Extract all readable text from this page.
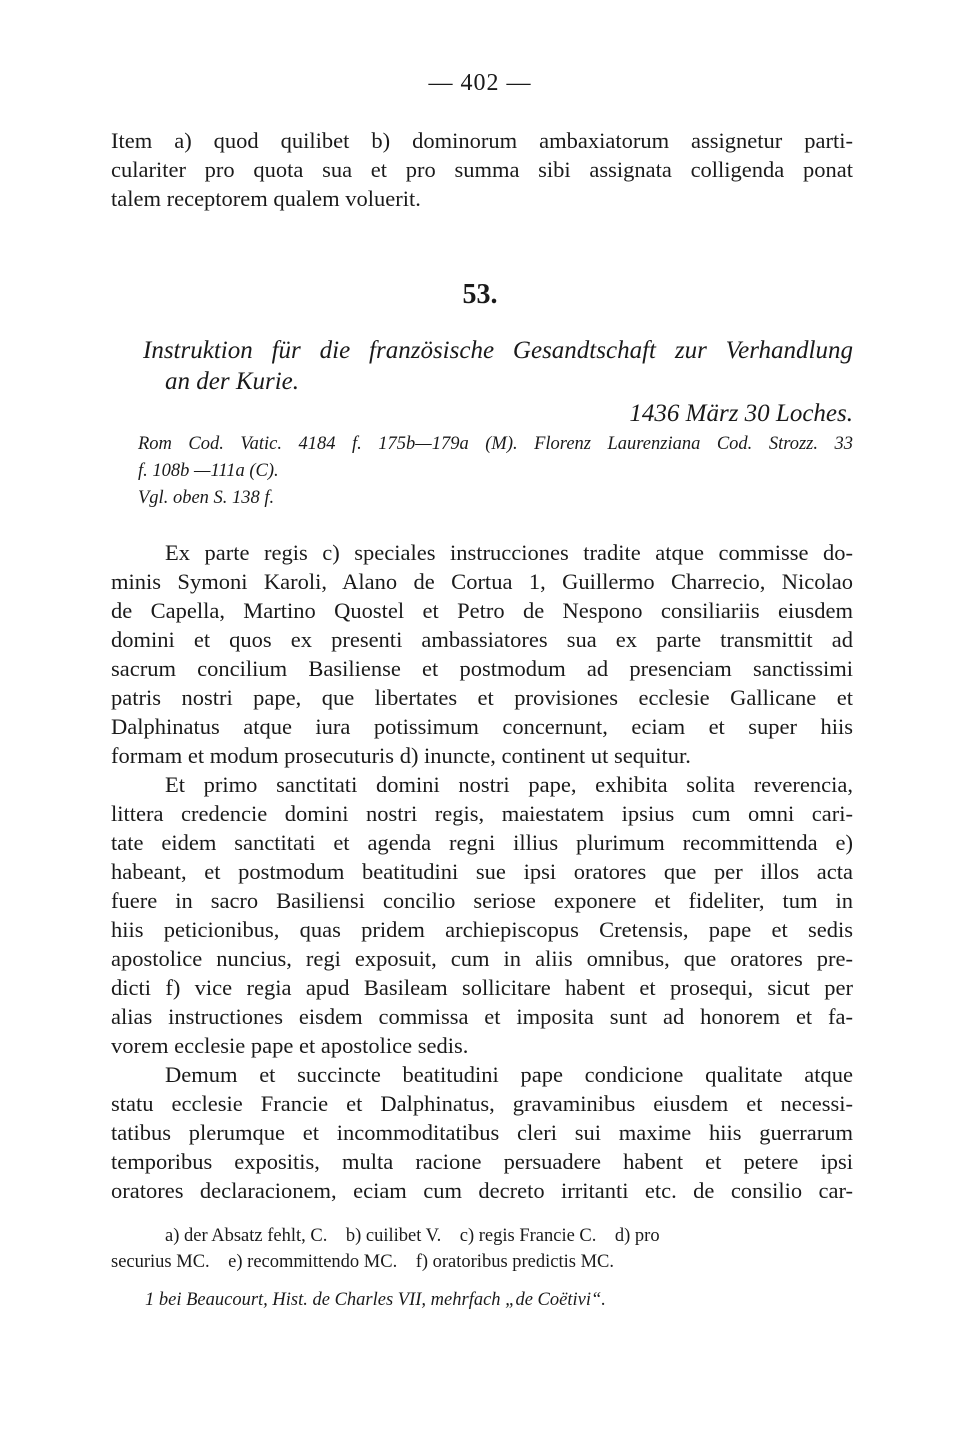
— 402 —
Item a) quod quilibet b) dominorum ambaxiatorum assignetur parti-
culariter pro quota sua et pro summa sibi assignata colligenda ponat
talem receptorem qualem voluerit.
53.
Instruktion für die französische Gesandtschaft zur Verhandlung
an der Kurie.
1436 März 30 Loches.
Rom Cod. Vatic. 4184 f. 175b—179a (M). Florenz Laurenziana Cod. Strozz. 33
f. 108b —111a (C).
Vgl. oben S. 138 f.
Ex parte regis c) speciales instrucciones tradite atque commisse do-
minis Symoni Karoli, Alano de Cortua 1, Guillermo Charrecio, Nicolao
de Capella, Martino Quostel et Petro de Nespono consiliariis eiusdem
domini et quos ex presenti ambassiatores sua ex parte transmittit ad
sacrum concilium Basiliense et postmodum ad presenciam sanctissimi
patris nostri pape, que libertates et provisiones ecclesie Gallicane et
Dalphinatus atque iura potissimum concernunt, eciam et super hiis
formam et modum prosecuturis d) inuncte, continent ut sequitur.
Et primo sanctitati domini nostri pape, exhibita solita reverencia,
littera credencie domini nostri regis, maiestatem ipsius cum omni cari-
tate eidem sanctitati et agenda regni illius plurimum recommittenda e)
habeant, et postmodum beatitudini sue ipsi oratores que per illos acta
fuere in sacro Basiliensi concilio seriose exponere et fideliter, tum in
hiis peticionibus, quas pridem archiepiscopus Cretensis, pape et sedis
apostolice nuncius, regi exposuit, cum in aliis omnibus, que oratores pre-
dicti f) vice regia apud Basileam sollicitare habent et prosequi, sicut per
alias instructiones eisdem commissa et imposita sunt ad honorem et fa-
vorem ecclesie pape et apostolice sedis.
Demum et succincte beatitudini pape condicione qualitate atque
statu ecclesie Francie et Dalphinatus, gravaminibus eiusdem et necessi-
tatibus plerumque et incommoditatibus cleri sui maxime hiis guerrarum
temporibus expositis, multa racione persuadere habent et petere ipsi
oratores declaracionem, eciam cum decreto irritanti etc. de consilio car-
a) der Absatz fehlt, C.    b) cuilibet V.    c) regis Francie C.    d) pro
securius MC.    e) recommittendo MC.    f) oratoribus predictis MC.
1 bei Beaucourt, Hist. de Charles VII, mehrfach „de Coëtivi“.
